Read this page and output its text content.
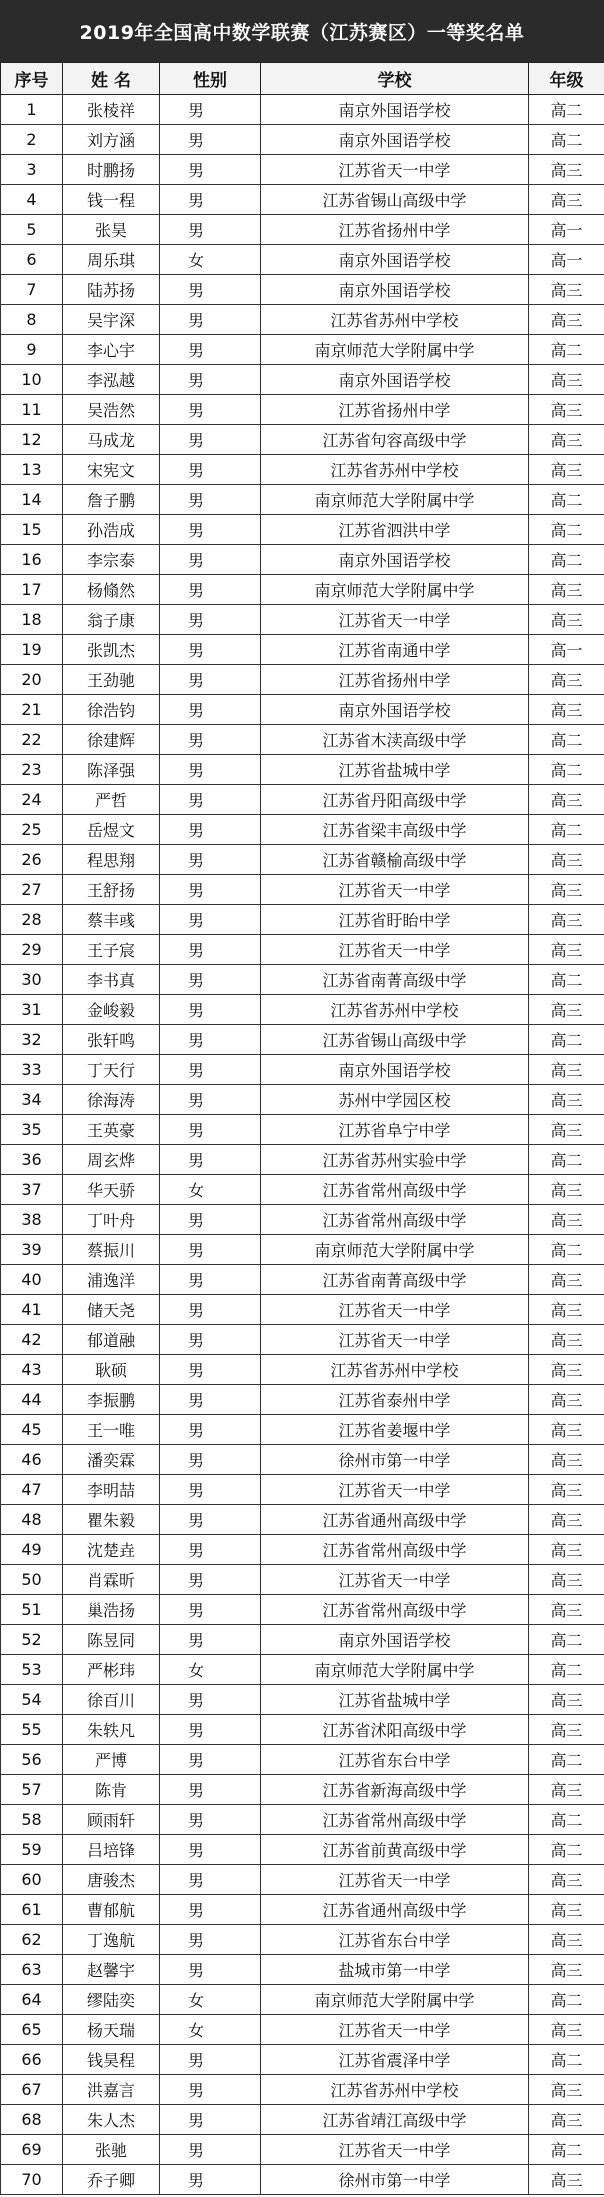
2019年全国高中数学联赛（江苏赛区）一等奖名单
序号	姓 名	性别	学校	年级
1	张棱祥	男	南京外国语学校	高二
2	刘方涵	男	南京外国语学校	高二
3	时鹏扬	男	江苏省天一中学	高三
4	钱一程	男	江苏省锡山高级中学	高三
5	张昊	男	江苏省扬州中学	高一
6	周乐琪	女	南京外国语学校	高一
7	陆苏扬	男	南京外国语学校	高三
8	吴宇深	男	江苏省苏州中学校	高三
9	李心宇	男	南京师范大学附属中学	高二
10	李泓越	男	南京外国语学校	高三
11	吴浩然	男	江苏省扬州中学	高三
12	马成龙	男	江苏省句容高级中学	高三
13	宋宪文	男	江苏省苏州中学校	高三
14	詹子鹏	男	南京师范大学附属中学	高二
15	孙浩成	男	江苏省泗洪中学	高二
16	李宗泰	男	南京外国语学校	高二
17	杨翛然	男	南京师范大学附属中学	高三
18	翁子康	男	江苏省天一中学	高三
19	张凯杰	男	江苏省南通中学	高一
20	王劲驰	男	江苏省扬州中学	高三
21	徐浩钧	男	南京外国语学校	高三
22	徐建辉	男	江苏省木渎高级中学	高二
23	陈泽强	男	江苏省盐城中学	高二
24	严哲	男	江苏省丹阳高级中学	高三
25	岳煜文	男	江苏省梁丰高级中学	高二
26	程思翔	男	江苏省赣榆高级中学	高三
27	王舒扬	男	江苏省天一中学	高三
28	蔡丰彧	男	江苏省盱眙中学	高三
29	王子宸	男	江苏省天一中学	高三
30	李书真	男	江苏省南菁高级中学	高二
31	金峻毅	男	江苏省苏州中学校	高三
32	张轩鸣	男	江苏省锡山高级中学	高二
33	丁天行	男	南京外国语学校	高三
34	徐海涛	男	苏州中学园区校	高三
35	王英豪	男	江苏省阜宁中学	高三
36	周玄烨	男	江苏省苏州实验中学	高二
37	华天骄	女	江苏省常州高级中学	高三
38	丁叶舟	男	江苏省常州高级中学	高三
39	蔡振川	男	南京师范大学附属中学	高二
40	浦逸洋	男	江苏省南菁高级中学	高三
41	储天尧	男	江苏省天一中学	高三
42	郁道融	男	江苏省天一中学	高三
43	耿硕	男	江苏省苏州中学校	高三
44	李振鹏	男	江苏省泰州中学	高三
45	王一唯	男	江苏省姜堰中学	高三
46	潘奕霖	男	徐州市第一中学	高三
47	李明喆	男	江苏省天一中学	高三
48	瞿朱毅	男	江苏省通州高级中学	高三
49	沈楚垚	男	江苏省常州高级中学	高三
50	肖霖昕	男	江苏省天一中学	高三
51	巢浩扬	男	江苏省常州高级中学	高三
52	陈昱同	男	南京外国语学校	高二
53	严彬玮	女	南京师范大学附属中学	高二
54	徐百川	男	江苏省盐城中学	高三
55	朱轶凡	男	江苏省沭阳高级中学	高三
56	严博	男	江苏省东台中学	高二
57	陈肯	男	江苏省新海高级中学	高三
58	顾雨轩	男	江苏省常州高级中学	高二
59	吕培锋	男	江苏省前黄高级中学	高二
60	唐骏杰	男	江苏省天一中学	高三
61	曹郁航	男	江苏省通州高级中学	高三
62	丁逸航	男	江苏省东台中学	高三
63	赵馨宇	男	盐城市第一中学	高三
64	缪陆奕	女	南京师范大学附属中学	高二
65	杨天瑞	女	江苏省天一中学	高三
66	钱昊程	男	江苏省震泽中学	高二
67	洪嘉言	男	江苏省苏州中学校	高三
68	朱人杰	男	江苏省靖江高级中学	高三
69	张驰	男	江苏省天一中学	高二
70	乔子卿	男	徐州市第一中学	高三
